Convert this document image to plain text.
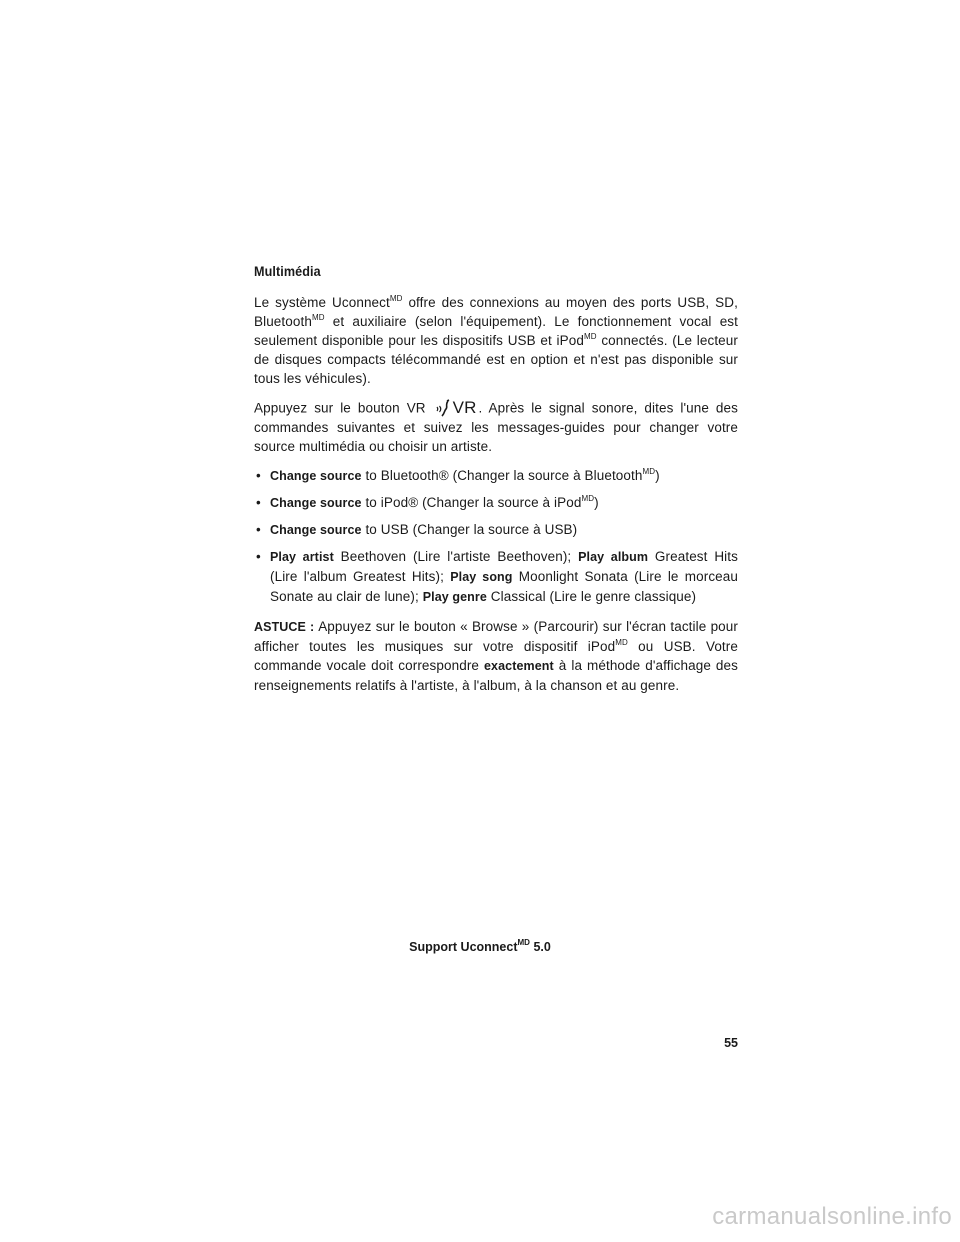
Multimédia

Le système Uconnect$^{MD}$ offre des connexions au moyen des ports USB, SD, Bluetooth$^{MD}$ et auxiliaire (selon l'équipement). Le fonctionnement vocal est seulement disponible pour les dispositifs USB et iPod$^{MD}$ connectés. (Le lecteur de disques compacts télécommandé est en option et n'est pas disponible sur tous les véhicules).

Appuyez sur le bouton VR VR . Après le signal sonore, dites l'une des commandes suivantes et suivez les messages-guides pour changer votre source multimédia ou choisir un artiste.

• Change source to Bluetooth® (Changer la source à Bluetooth$^{MD}$)
• Change source to iPod® (Changer la source à iPod$^{MD}$)
• Change source to USB (Changer la source à USB)
• Play artist Beethoven (Lire l'artiste Beethoven); Play album Greatest Hits (Lire l'album Greatest Hits); Play song Moonlight Sonata (Lire le morceau Sonate au clair de lune); Play genre Classical (Lire le genre classique)

ASTUCE : Appuyez sur le bouton « Browse » (Parcourir) sur l'écran tactile pour afficher toutes les musiques sur votre dispositif iPod$^{MD}$ ou USB. Votre commande vocale doit correspondre exactement à la méthode d'affichage des renseignements relatifs à l'artiste, à l'album, à la chanson et au genre.

Support Uconnect$^{MD}$ 5.0
55
carmanualsonline.info
